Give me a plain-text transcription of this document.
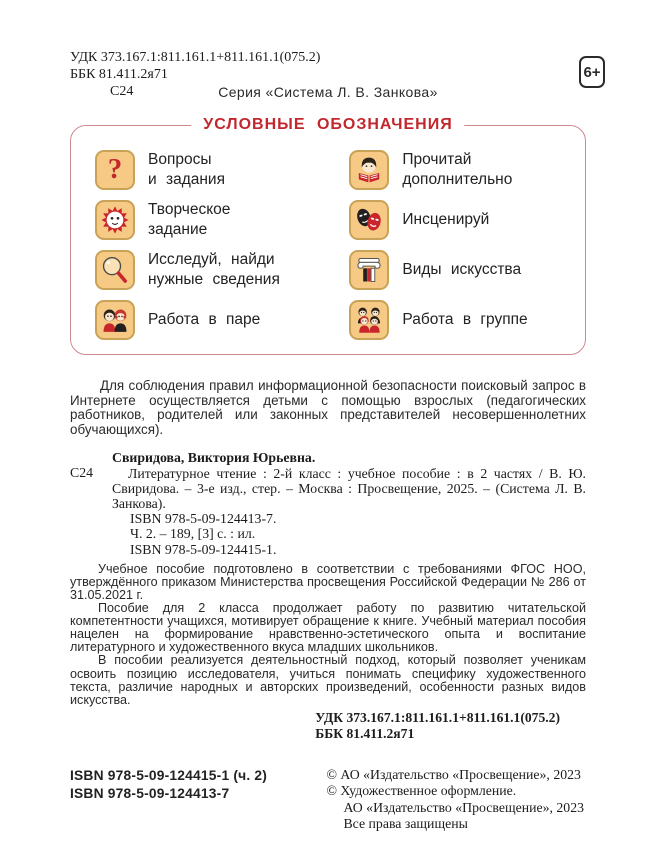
УДК 373.167.1:811.161.1+811.161.1(075.2)
ББК 81.411.2я71
С24	Серия «Система Л. В. Занкова»
6+
УСЛОВНЫЕ ОБОЗНАЧЕНИЯ
? Вопросы
и задания
Прочитай
дополнительно
Творческое
задание
Инсценируй
Исследуй, найди
нужные сведения
Виды искусства
Работа в паре	Работа в группе
Для соблюдения правил информационной безопасности поисковый запрос в Интернете осуществляется детьми с помощью взрослых (педагогических работников, родителей или законных представителей несовершеннолетних обучающихся).
С24
Свиридова, Виктория Юрьевна.
Литературное чтение : 2-й класс : учебное пособие : в 2 частях / В. Ю. Свиридова. – 3-е изд., стер. – Москва : Просвещение, 2025. – (Система Л. В. Занкова).
ISBN 978-5-09-124413-7.
Ч. 2. – 189, [3] с. : ил.
ISBN 978-5-09-124415-1.

Учебное пособие подготовлено в соответствии с требованиями ФГОС НОО, утверждённого приказом Министерства просвещения Российской Федерации № 286 от 31.05.2021 г.

Пособие для 2 класса продолжает работу по развитию читательской компетентности учащихся, мотивирует обращение к книге. Учебный материал пособия нацелен на формирование нравственно-эстетического опыта и воспитание литературного и художественного вкуса младших школьников.

В пособии реализуется деятельностный подход, который позволяет ученикам освоить позицию исследователя, учиться понимать специфику художественного текста, различие народных и авторских произведений, особенности разных видов искусства.

УДК 373.167.1:811.161.1+811.161.1(075.2)
ББК 81.411.2я71
ISBN 978-5-09-124415-1 (ч. 2)
ISBN 978-5-09-124413-7
© АО «Издательство «Просвещение», 2023
© Художественное оформление.
АО «Издательство «Просвещение», 2023
Все права защищены
